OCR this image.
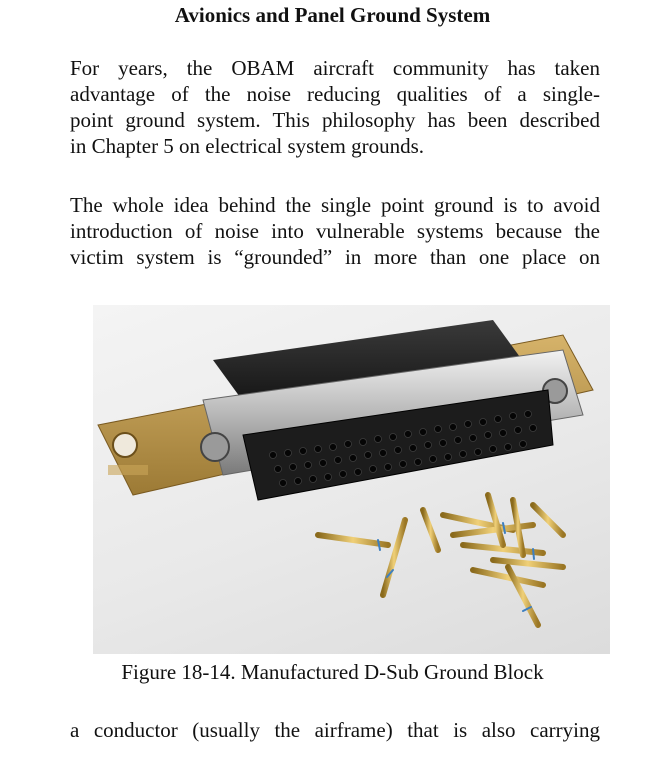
Avionics and Panel Ground System
For years, the OBAM aircraft community has taken
advantage of the noise reducing qualities of a single-
point ground system. This philosophy has been described
in Chapter 5 on electrical system grounds.
The whole idea behind the single point ground is to avoid
introduction of noise into vulnerable systems because the
victim system is “grounded” in more than one place on
Figure 18-14. Manufactured D-Sub Ground Block
a conductor (usually the airframe) that is also carrying
